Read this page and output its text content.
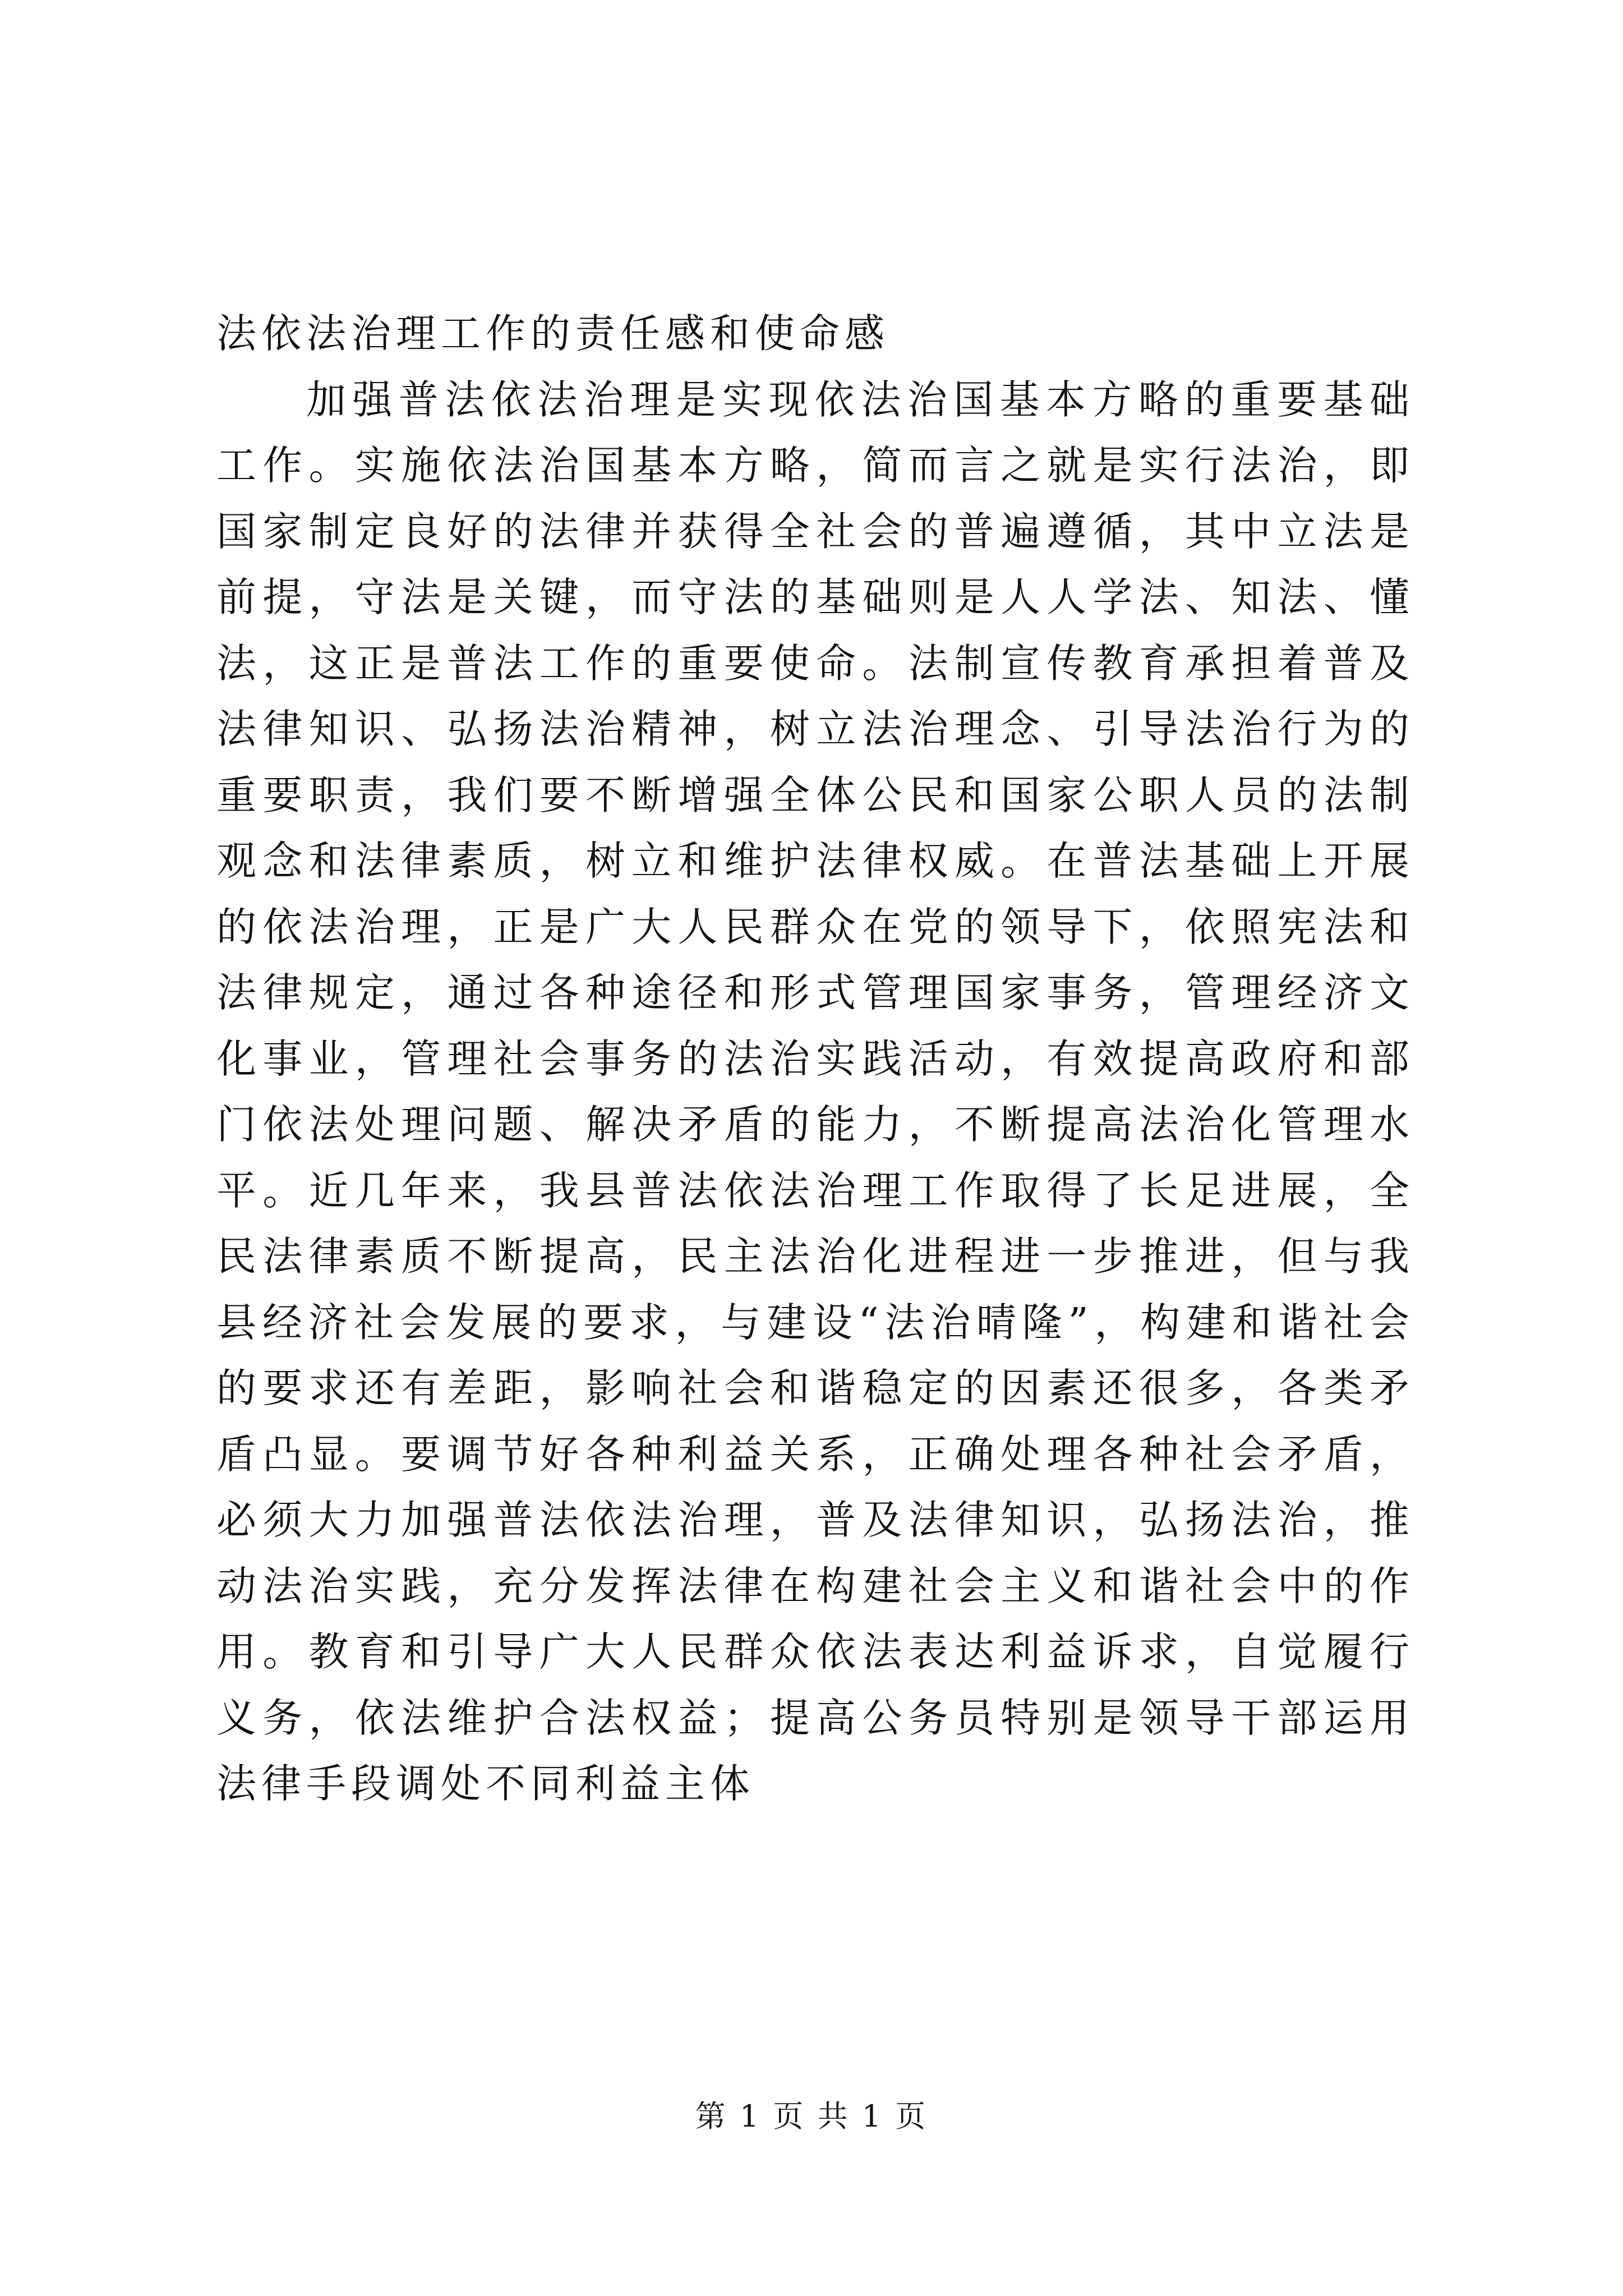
法依法治理工作的责任感和使命感

加强普法依法治理是实现依法治国基本方略的重要基础工作。实施依法治国基本方略，简而言之就是实行法治，即国家制定良好的法律并获得全社会的普遍遵循，其中立法是前提，守法是关键，而守法的基础则是人人学法、知法、懂法，这正是普法工作的重要使命。法制宣传教育承担着普及法律知识、弘扬法治精神，树立法治理念、引导法治行为的重要职责，我们要不断增强全体公民和国家公职人员的法制观念和法律素质，树立和维护法律权威。在普法基础上开展的依法治理，正是广大人民群众在党的领导下，依照宪法和法律规定，通过各种途径和形式管理国家事务，管理经济文化事业，管理社会事务的法治实践活动，有效提高政府和部门依法处理问题、解决矛盾的能力，不断提高法治化管理水平。近几年来，我县普法依法治理工作取得了长足进展，全民法律素质不断提高，民主法治化进程进一步推进，但与我县经济社会发展的要求，与建设“法治晴隆”，构建和谐社会的要求还有差距，影响社会和谐稳定的因素还很多，各类矛盾凸显。要调节好各种利益关系，正确处理各种社会矛盾，必须大力加强普法依法治理，普及法律知识，弘扬法治，推动法治实践，充分发挥法律在构建社会主义和谐社会中的作用。教育和引导广大人民群众依法表达利益诉求，自觉履行义务，依法维护合法权益；提高公务员特别是领导干部运用法律手段调处不同利益主体

第 1 页 共 1 页
